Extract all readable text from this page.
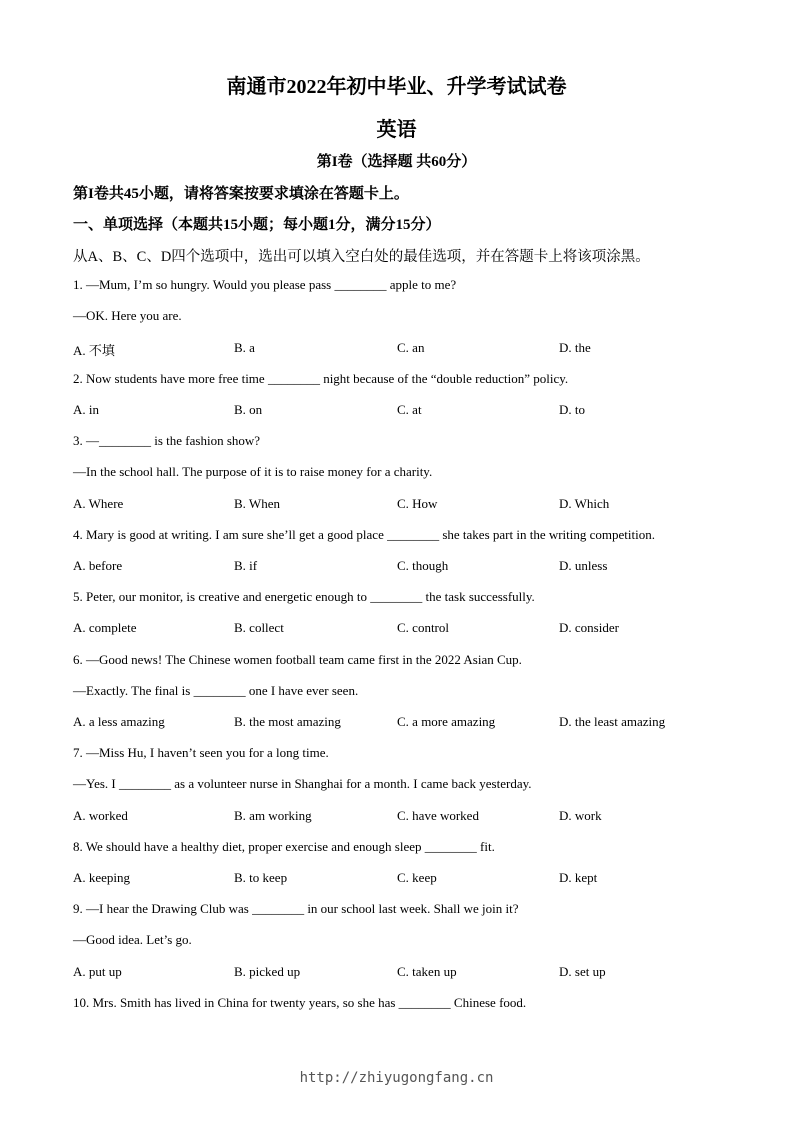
南通市2022年初中毕业、升学考试试卷
英语
第I卷（选择题 共60分）
第I卷共45小题，请将答案按要求填涂在答题卡上。
一、单项选择（本题共15小题；每小题1分，满分15分）
从A、B、C、D四个选项中，选出可以填入空白处的最佳选项，并在答题卡上将该项涂黑。
1. —Mum, I’m so hungry. Would you please pass ________ apple to me?
—OK. Here you are.
A. 不填	B. a	C. an	D. the
2. Now students have more free time ________ night because of the “double reduction” policy.
A. in	B. on	C. at	D. to
3. —________ is the fashion show?
—In the school hall. The purpose of it is to raise money for a charity.
A. Where	B. When	C. How	D. Which
4. Mary is good at writing. I am sure she’ll get a good place ________ she takes part in the writing competition.
A. before	B. if	C. though	D. unless
5. Peter, our monitor, is creative and energetic enough to ________ the task successfully.
A. complete	B. collect	C. control	D. consider
6. —Good news! The Chinese women football team came first in the 2022 Asian Cup.
—Exactly. The final is ________ one I have ever seen.
A. a less amazing	B. the most amazing	C. a more amazing	D. the least amazing
7. —Miss Hu, I haven’t seen you for a long time.
—Yes. I ________ as a volunteer nurse in Shanghai for a month. I came back yesterday.
A. worked	B. am working	C. have worked	D. work
8. We should have a healthy diet, proper exercise and enough sleep ________ fit.
A. keeping	B. to keep	C. keep	D. kept
9. —I hear the Drawing Club was ________ in our school last week. Shall we join it?
—Good idea. Let’s go.
A. put up	B. picked up	C. taken up	D. set up
10. Mrs. Smith has lived in China for twenty years, so she has ________ Chinese food.
http://zhiyugongfang.cn
